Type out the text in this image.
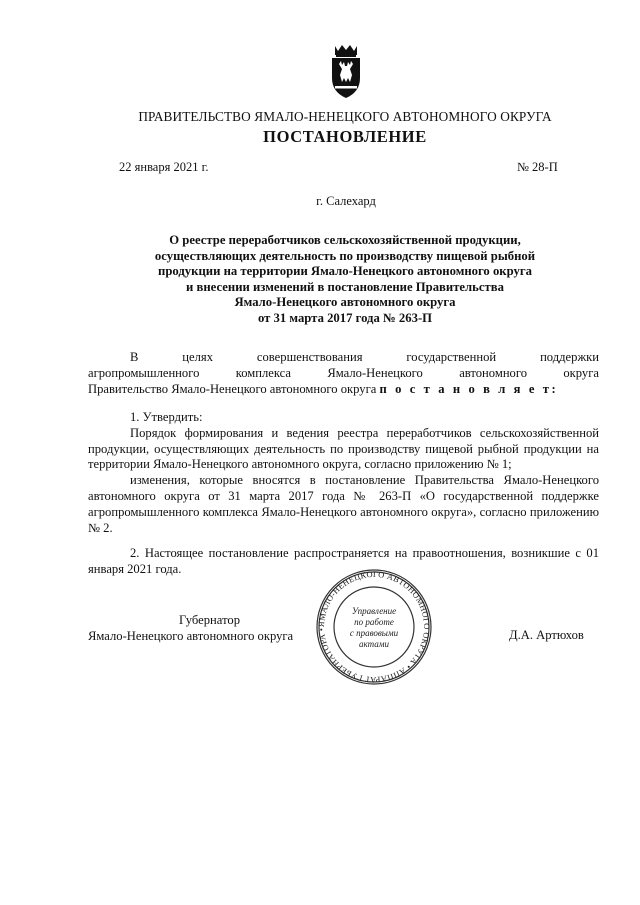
ПРАВИТЕЛЬСТВО ЯМАЛО-НЕНЕЦКОГО АВТОНОМНОГО ОКРУГА
ПОСТАНОВЛЕНИЕ
22 января 2021 г.	№ 28-П
г. Салехард
О реестре переработчиков сельскохозяйственной продукции,
осуществляющих деятельность по производству пищевой рыбной
продукции на территории Ямало-Ненецкого автономного округа
и внесении изменений в постановление Правительства
Ямало-Ненецкого автономного округа
от 31 марта 2017 года № 263-П

В целях совершенствования государственной поддержки

агропромышленного комплекса Ямало-Ненецкого автономного округа

Правительство Ямало-Ненецкого автономного округа п о с т а н о в л я е т:

1. Утвердить:

Порядок формирования и ведения реестра переработчиков сельскохозяйственной продукции, осуществляющих деятельность по производству пищевой рыбной продукции на территории Ямало-Ненецкого автономного округа, согласно приложению № 1;

изменения, которые вносятся в постановление Правительства Ямало-Ненецкого автономного округа от 31 марта 2017 года № 263-П «О государственной поддержке агропромышленного комплекса Ямало-Ненецкого автономного округа», согласно приложению № 2.

2. Настоящее постановление распространяется на правоотношения, возникшие с 01 января 2021 года.

Губернатор
Ямало-Ненецкого автономного округа	Д.А. Артюхов
ЯМАЛО-НЕНЕЦКОГО АВТОНОМНОГО ОКРУГА • АППАРАТ ГУБЕРНАТОРА •
Управление
по работе
с правовыми
актами
